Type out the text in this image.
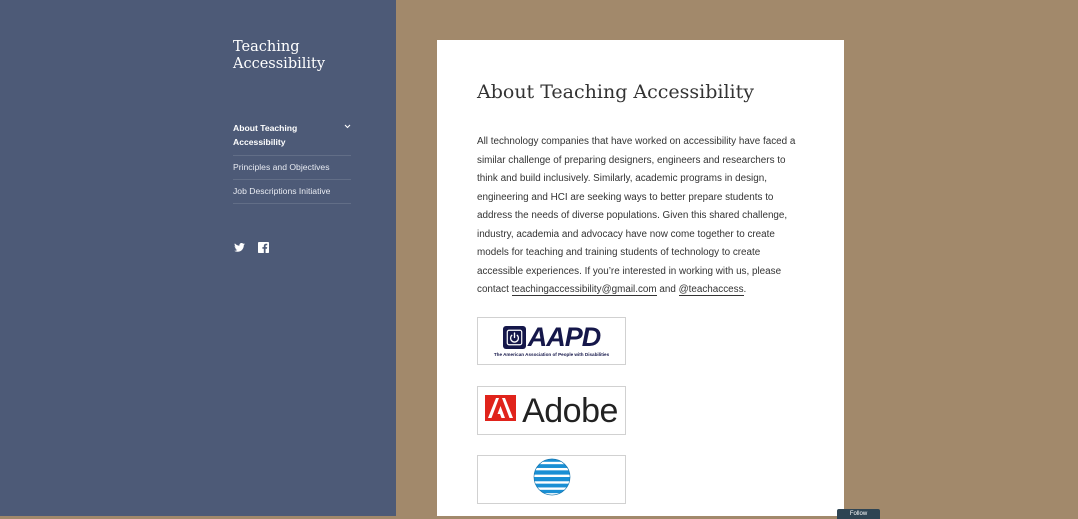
Teaching Accessibility
About Teaching Accessibility
Principles and Objectives
Job Descriptions Initiative
About Teaching Accessibility

All technology companies that have worked on accessibility have faced a similar challenge of preparing designers, engineers and researchers to think and build inclusively. Similarly, academic programs in design, engineering and HCI are seeking ways to better prepare students to address the needs of diverse populations. Given this shared challenge, industry, academia and advocacy have now come together to create models for teaching and training students of technology to create accessible experiences. If you’re interested in working with us, please contact teachingaccessibility@gmail.com and @teachaccess.

AAPD
The American Association of People with Disabilities
Adobe
Follow
